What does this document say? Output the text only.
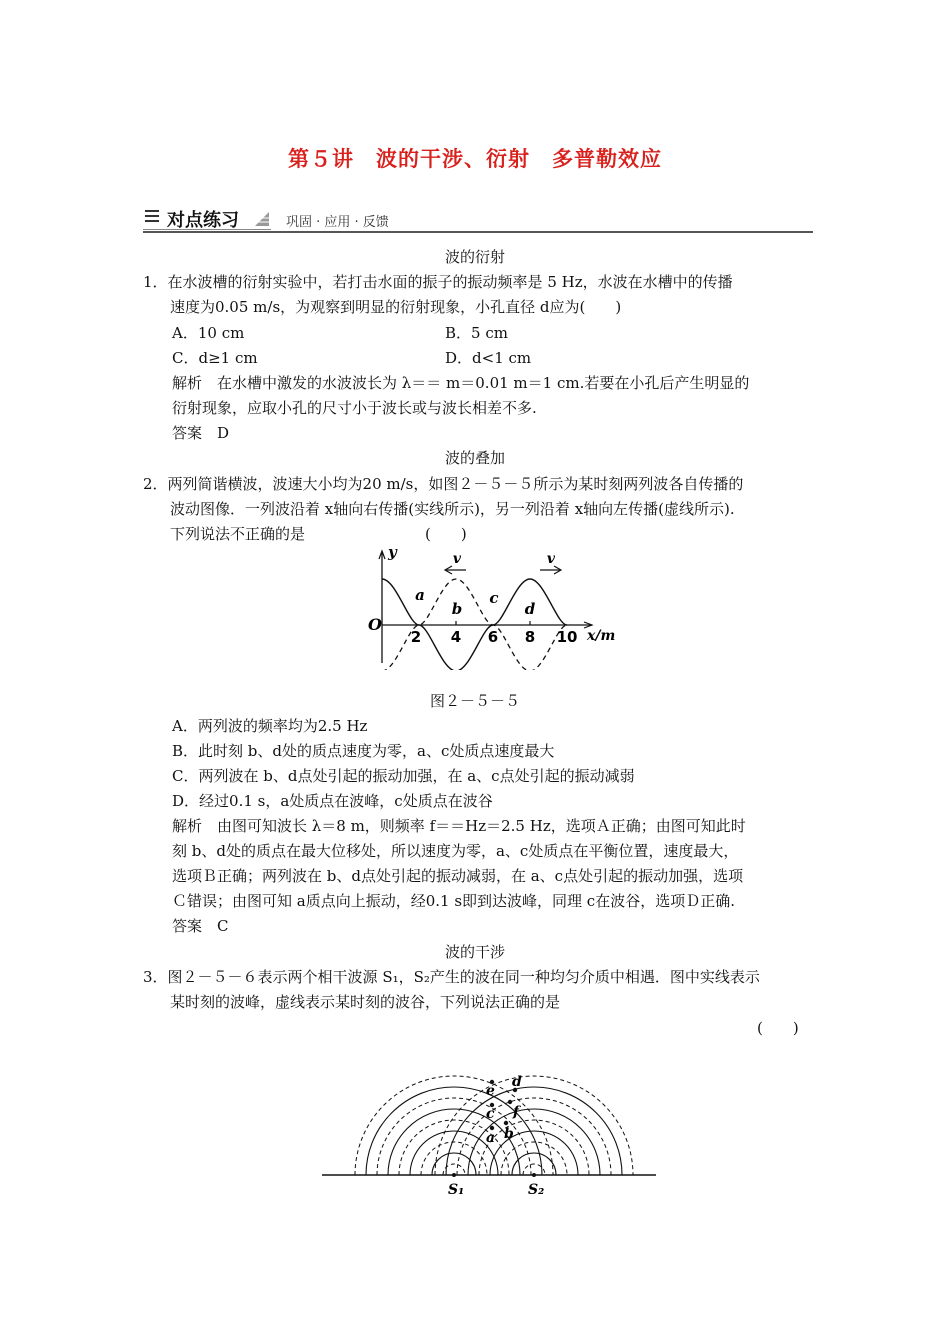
第５讲　波的干涉、衍射　多普勒效应
对点练习	巩固 · 应用 · 反馈
波的衍射
1．在水波槽的衍射实验中，若打击水面的振子的振动频率是 5 Hz，水波在水槽中的传播
速度为0.05 m/s，为观察到明显的衍射现象，小孔直径 d应为(　　)
A．10 cm	B．5 cm
C．d≥1 cm	D．d<1 cm
解析　在水槽中激发的水波波长为 λ＝＝ m＝0.01 m＝1 cm.若要在小孔后产生明显的
衍射现象，应取小孔的尺寸小于波长或与波长相差不多.
答案　D
波的叠加
2．两列简谐横波，波速大小均为20 m/s，如图２－５－５所示为某时刻两列波各自传播的
波动图像．一列波沿着 x轴向右传播(实线所示)，另一列沿着 x轴向左传播(虚线所示).
下列说法不正确的是　　　　　　　　(　　)
y
O
x/m
2 4 6 8 10
a
b
c
d
v	v
图２－５－５
A．两列波的频率均为2.5 Hz
B．此时刻 b、d处的质点速度为零，a、c处质点速度最大
C．两列波在 b、d点处引起的振动加强，在 a、c点处引起的振动减弱
D．经过0.1 s，a处质点在波峰，c处质点在波谷
解析　由图可知波长 λ＝8 m，则频率 f＝＝Hz＝2.5 Hz，选项Ａ正确；由图可知此时
刻 b、d处的质点在最大位移处，所以速度为零，a、c处质点在平衡位置，速度最大，
选项Ｂ正确；两列波在 b、d点处引起的振动减弱，在 a、c点处引起的振动加强，选项
Ｃ错误；由图可知 a质点向上振动，经0.1 s即到达波峰，同理 c在波谷，选项Ｄ正确.
答案　C
波的干涉
3．图２－５－６表示两个相干波源 S₁，S₂产生的波在同一种均匀介质中相遇．图中实线表示
某时刻的波峰，虚线表示某时刻的波谷，下列说法正确的是
(　　)
S₁	S₂
a b
c
d
e
f
